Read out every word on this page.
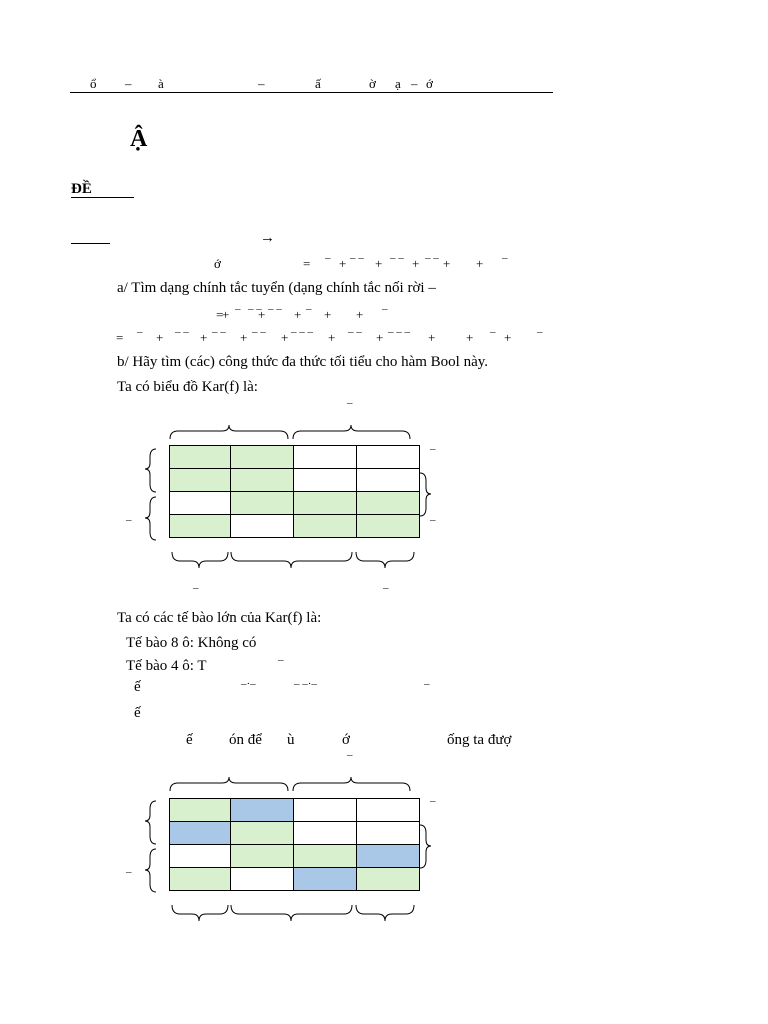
ổ – à	–	ấ	ờ ạ – ớ
Ậ
ĐỀ
→
ớ	= – + – – + – – + – – + + –
a/ Tìm dạng chính tắc tuyển (dạng chính tắc nối rời –
= –
+ – –
+ – – + – + + –
= – + – – + – – + – – + – – – + – – + – – – + + – + –
b/ Hãy tìm (các) công thức đa thức tối tiểu cho hàm Bool này.
Ta có biểu đồ Kar(f) là:
–
–
–	–
–	–

Ta có các tế bào lớn của Kar(f) là:
Tế bào 8 ô: Không có
Tế bào 4 ô: T	–
ế	–·–	– –·–	–
ế
ế ón để ù	ớ	ống ta đượ
–
–
–
